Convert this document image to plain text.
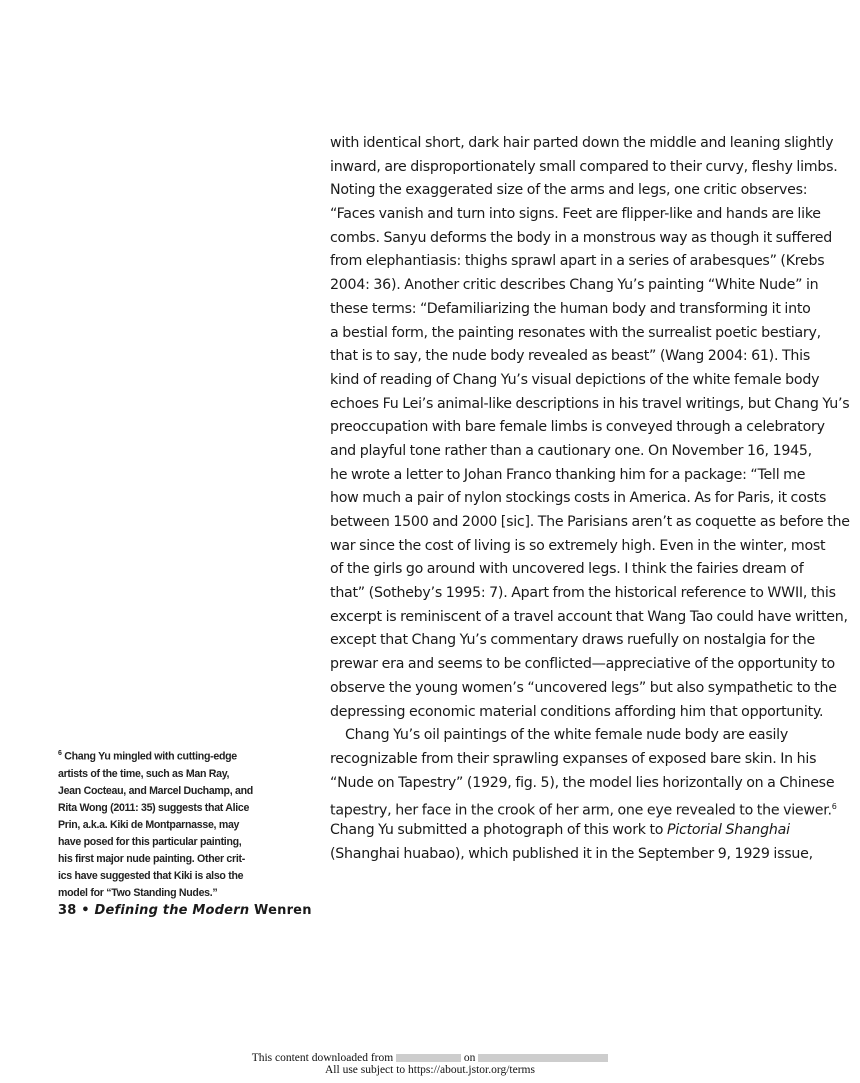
with identical short, dark hair parted down the middle and leaning slightly
inward, are disproportionately small compared to their curvy, fleshy limbs.
Noting the exaggerated size of the arms and legs, one critic observes:
“Faces vanish and turn into signs. Feet are flipper-like and hands are like
combs. Sanyu deforms the body in a monstrous way as though it suffered
from elephantiasis: thighs sprawl apart in a series of arabesques” (Krebs
2004: 36). Another critic describes Chang Yu’s painting “White Nude” in
these terms: “Defamiliarizing the human body and transforming it into
a bestial form, the painting resonates with the surrealist poetic bestiary,
that is to say, the nude body revealed as beast” (Wang 2004: 61). This
kind of reading of Chang Yu’s visual depictions of the white female body
echoes Fu Lei’s animal-like descriptions in his travel writings, but Chang Yu’s
preoccupation with bare female limbs is conveyed through a celebratory
and playful tone rather than a cautionary one. On November 16, 1945,
he wrote a letter to Johan Franco thanking him for a package: “Tell me
how much a pair of nylon stockings costs in America. As for Paris, it costs
between 1500 and 2000 [sic]. The Parisians aren’t as coquette as before the
war since the cost of living is so extremely high. Even in the winter, most
of the girls go around with uncovered legs. I think the fairies dream of
that” (Sotheby’s 1995: 7). Apart from the historical reference to WWII, this
excerpt is reminiscent of a travel account that Wang Tao could have written,
except that Chang Yu’s commentary draws ruefully on nostalgia for the
prewar era and seems to be conflicted—appreciative of the opportunity to
observe the young women’s “uncovered legs” but also sympathetic to the
depressing economic material conditions affording him that opportunity.
Chang Yu’s oil paintings of the white female nude body are easily
recognizable from their sprawling expanses of exposed bare skin. In his
“Nude on Tapestry” (1929, fig. 5), the model lies horizontally on a Chinese
tapestry, her face in the crook of her arm, one eye revealed to the viewer.$^6$
Chang Yu submitted a photograph of this work to Pictorial Shanghai
(Shanghai huabao), which published it in the September 9, 1929 issue,
$^6$ Chang Yu mingled with cutting-edge
artists of the time, such as Man Ray,
Jean Cocteau, and Marcel Duchamp, and
Rita Wong (2011: 35) suggests that Alice
Prin, a.k.a. Kiki de Montparnasse, may
have posed for this particular painting,
his first major nude painting. Other crit-
ics have suggested that Kiki is also the
model for “Two Standing Nudes.”
38 • Defining the Modern Wenren
This content downloaded from	on
All use subject to https://about.jstor.org/terms
